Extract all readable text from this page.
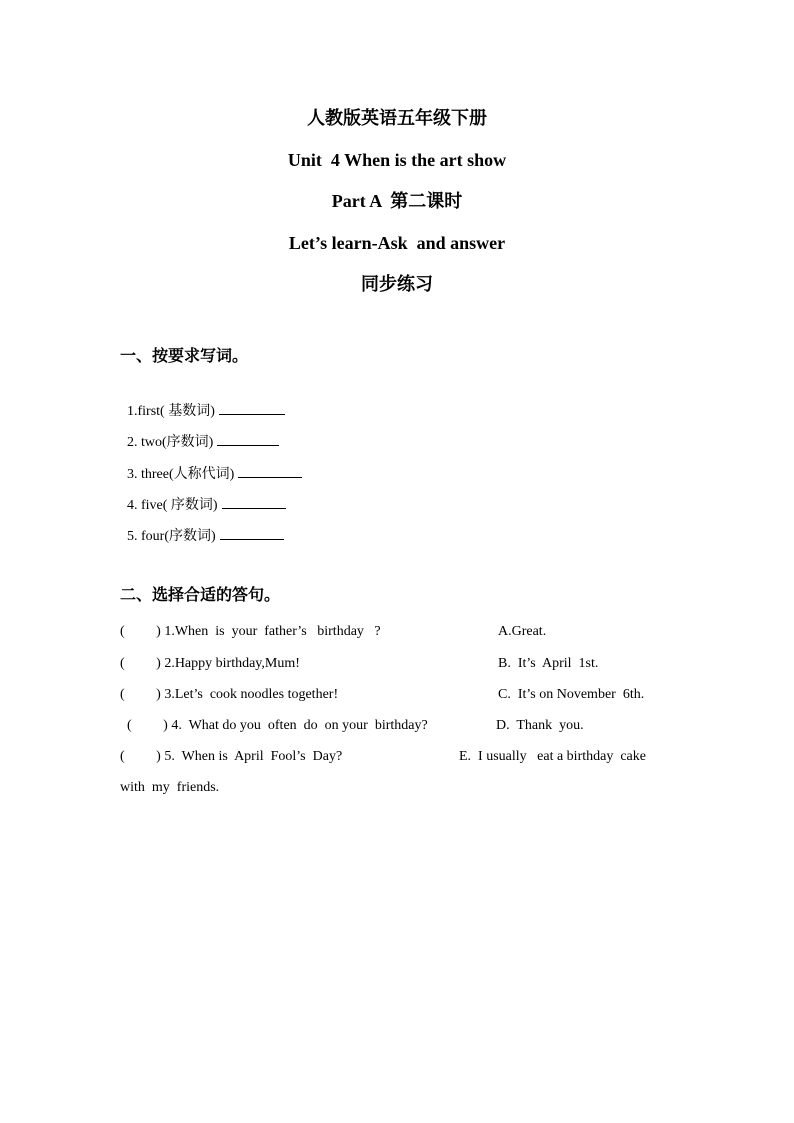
人教版英语五年级下册
Unit  4 When is the art show
Part A  第二课时
Let’s learn-Ask  and answer
同步练习
一、按要求写词。

1.first( 基数词)

2. two(序数词)

3. three(人称代词)

4. five( 序数词)

5. four(序数词)

二、选择合适的答句。

(         ) 1.When  is  your  father’s   birthday   ?

	A.Great.

(         ) 2.Happy birthday,Mum!

	B.  It’s  April  1st.

(         ) 3.Let’s  cook noodles together!

	C.  It’s on November  6th.

(         ) 4.  What do you  often  do  on your  birthday?

	D.  Thank  you.

(         ) 5.  When is  April  Fool’s  Day?

	E.  I usually   eat a birthday  cake

with  my  friends.
